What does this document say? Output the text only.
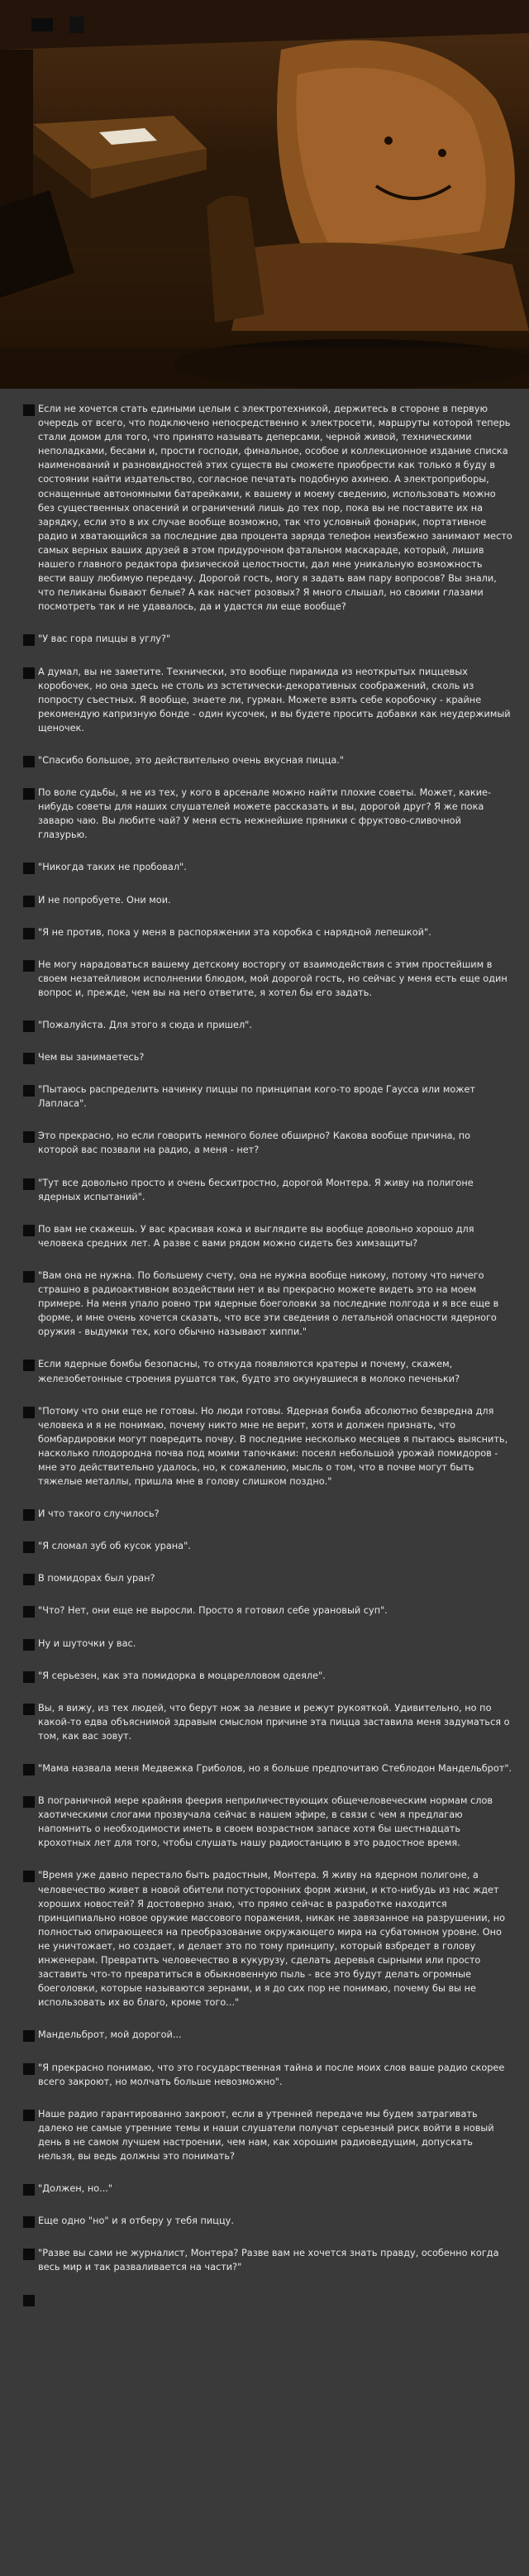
Если не хочется стать едиными целым с электротехникой, держитесь в стороне в первую очередь от всего, что подключено непосредственно к электросети, маршруты которой теперь стали домом для того, что принято называть деперсами, черной живой, техническими неполадками, бесами и, прости господи, финальное, особое и коллекционное издание списка наименований и разновидностей этих существ вы сможете приобрести как только я буду в состоянии найти издательство, согласное печатать подобную ахинею. А электроприборы, оснащенные автономными батарейками, к вашему и моему сведению, использовать можно без существенных опасений и ограничений лишь до тех пор, пока вы не поставите их на зарядку, если это в их случае вообще возможно, так что условный фонарик, портативное радио и хватающийся за последние два процента заряда телефон неизбежно занимают место самых верных ваших друзей в этом придурочном фатальном маскараде, который, лишив нашего главного редактора физической целостности, дал мне уникальную возможность вести вашу любимую передачу. Дорогой гость, могу я задать вам пару вопросов? Вы знали, что пеликаны бывают белые? А как насчет розовых? Я много слышал, но своими глазами посмотреть так и не удавалось, да и удастся ли еще вообще?
"У вас гора пиццы в углу?"
А думал, вы не заметите. Технически, это вообще пирамида из неоткрытых пиццевых коробочек, но она здесь не столь из эстетически-декоративных соображений, сколь из попросту съестных. Я вообще, знаете ли, гурман. Можете взять себе коробочку - крайне рекомендую капризную бонде - один кусочек, и вы будете просить добавки как неудержимый щеночек.
"Спасибо большое, это действительно очень вкусная пицца."
По воле судьбы, я не из тех, у кого в арсенале можно найти плохие советы. Может, какие-нибудь советы для наших слушателей можете рассказать и вы, дорогой друг? Я же пока заварю чаю. Вы любите чай? У меня есть нежнейшие пряники с фруктово-сливочной глазурью.
"Никогда таких не пробовал".
И не попробуете. Они мои.
"Я не против, пока у меня в распоряжении эта коробка с нарядной лепешкой".
Не могу нарадоваться вашему детскому восторгу от взаимодействия с этим простейшим в своем незатейливом исполнении блюдом, мой дорогой гость, но сейчас у меня есть еще один вопрос и, прежде, чем вы на него ответите, я хотел бы его задать.
"Пожалуйста. Для этого я сюда и пришел".
Чем вы занимаетесь?
"Пытаюсь распределить начинку пиццы по принципам кого-то вроде Гаусса или может Лапласа".
Это прекрасно, но если говорить немного более обширно? Какова вообще причина, по которой вас позвали на радио, а меня - нет?
"Тут все довольно просто и очень бесхитростно, дорогой Монтера. Я живу на полигоне ядерных испытаний".
По вам не скажешь. У вас красивая кожа и выглядите вы вообще довольно хорошо для человека средних лет. А разве с вами рядом можно сидеть без химзащиты?
"Вам она не нужна. По большему счету, она не нужна вообще никому, потому что ничего страшно в радиоактивном воздействии нет и вы прекрасно можете видеть это на моем примере. На меня упало ровно три ядерные боеголовки за последние полгода и я все еще в форме, и мне очень хочется сказать, что все эти сведения о летальной опасности ядерного оружия - выдумки тех, кого обычно называют хиппи."
Если ядерные бомбы безопасны, то откуда появляются кратеры и почему, скажем, железобетонные строения рушатся так, будто это окунувшиеся в молоко печеньки?
"Потому что они еще не готовы. Но люди готовы. Ядерная бомба абсолютно безвредна для человека и я не понимаю, почему никто мне не верит, хотя и должен признать, что бомбардировки могут повредить почву. В последние несколько месяцев я пытаюсь выяснить, насколько плодородна почва под моими тапочками: посеял небольшой урожай помидоров - мне это действительно удалось, но, к сожалению, мысль о том, что в почве могут быть тяжелые металлы, пришла мне в голову слишком поздно."
И что такого случилось?
"Я сломал зуб об кусок урана".
В помидорах был уран?
"Что? Нет, они еще не выросли. Просто я готовил себе урановый суп".
Ну и шуточки у вас.
"Я серьезен, как эта помидорка в моцарелловом одеяле".
Вы, я вижу, из тех людей, что берут нож за лезвие и режут рукояткой. Удивительно, но по какой-то едва объяснимой здравым смыслом причине эта пицца заставила меня задуматься о том, как вас зовут.
"Мама назвала меня Медвежка Гриболов, но я больше предпочитаю Стеблодон Мандельброт".
В пограничной мере крайняя феерия неприличествующих общечеловеческим нормам слов хаотическими слогами прозвучала сейчас в нашем эфире, в связи с чем я предлагаю напомнить о необходимости иметь в своем возрастном запасе хотя бы шестнадцать крохотных лет для того, чтобы слушать нашу радиостанцию в это радостное время.
"Время уже давно перестало быть радостным, Монтера. Я живу на ядерном полигоне, а человечество живет в новой обители потусторонних форм жизни, и кто-нибудь из нас ждет хороших новостей? Я достоверно знаю, что прямо сейчас в разработке находится принципиально новое оружие массового поражения, никак не завязанное на разрушении, но полностью опирающееся на преобразование окружающего мира на субатомном уровне. Оно не уничтожает, но создает, и делает это по тому принципу, который взбредет в голову инженерам. Превратить человечество в кукурузу, сделать деревья сырными или просто заставить что-то превратиться в обыкновенную пыль - все это будут делать огромные боеголовки, которые называются зернами, и я до сих пор не понимаю, почему бы вы не использовать их во благо, кроме того..."
Мандельброт, мой дорогой...
"Я прекрасно понимаю, что это государственная тайна и после моих слов ваше радио скорее всего закроют, но молчать больше невозможно".
Наше радио гарантированно закроют, если в утренней передаче мы будем затрагивать далеко не самые утренние темы и наши слушатели получат серьезный риск войти в новый день в не самом лучшем настроении, чем нам, как хорошим радиоведущим, допускать нельзя, вы ведь должны это понимать?
"Должен, но..."
Еще одно "но" и я отберу у тебя пиццу.
"Разве вы сами не журналист, Монтера? Разве вам не хочется знать правду, особенно когда весь мир и так разваливается на части?"
